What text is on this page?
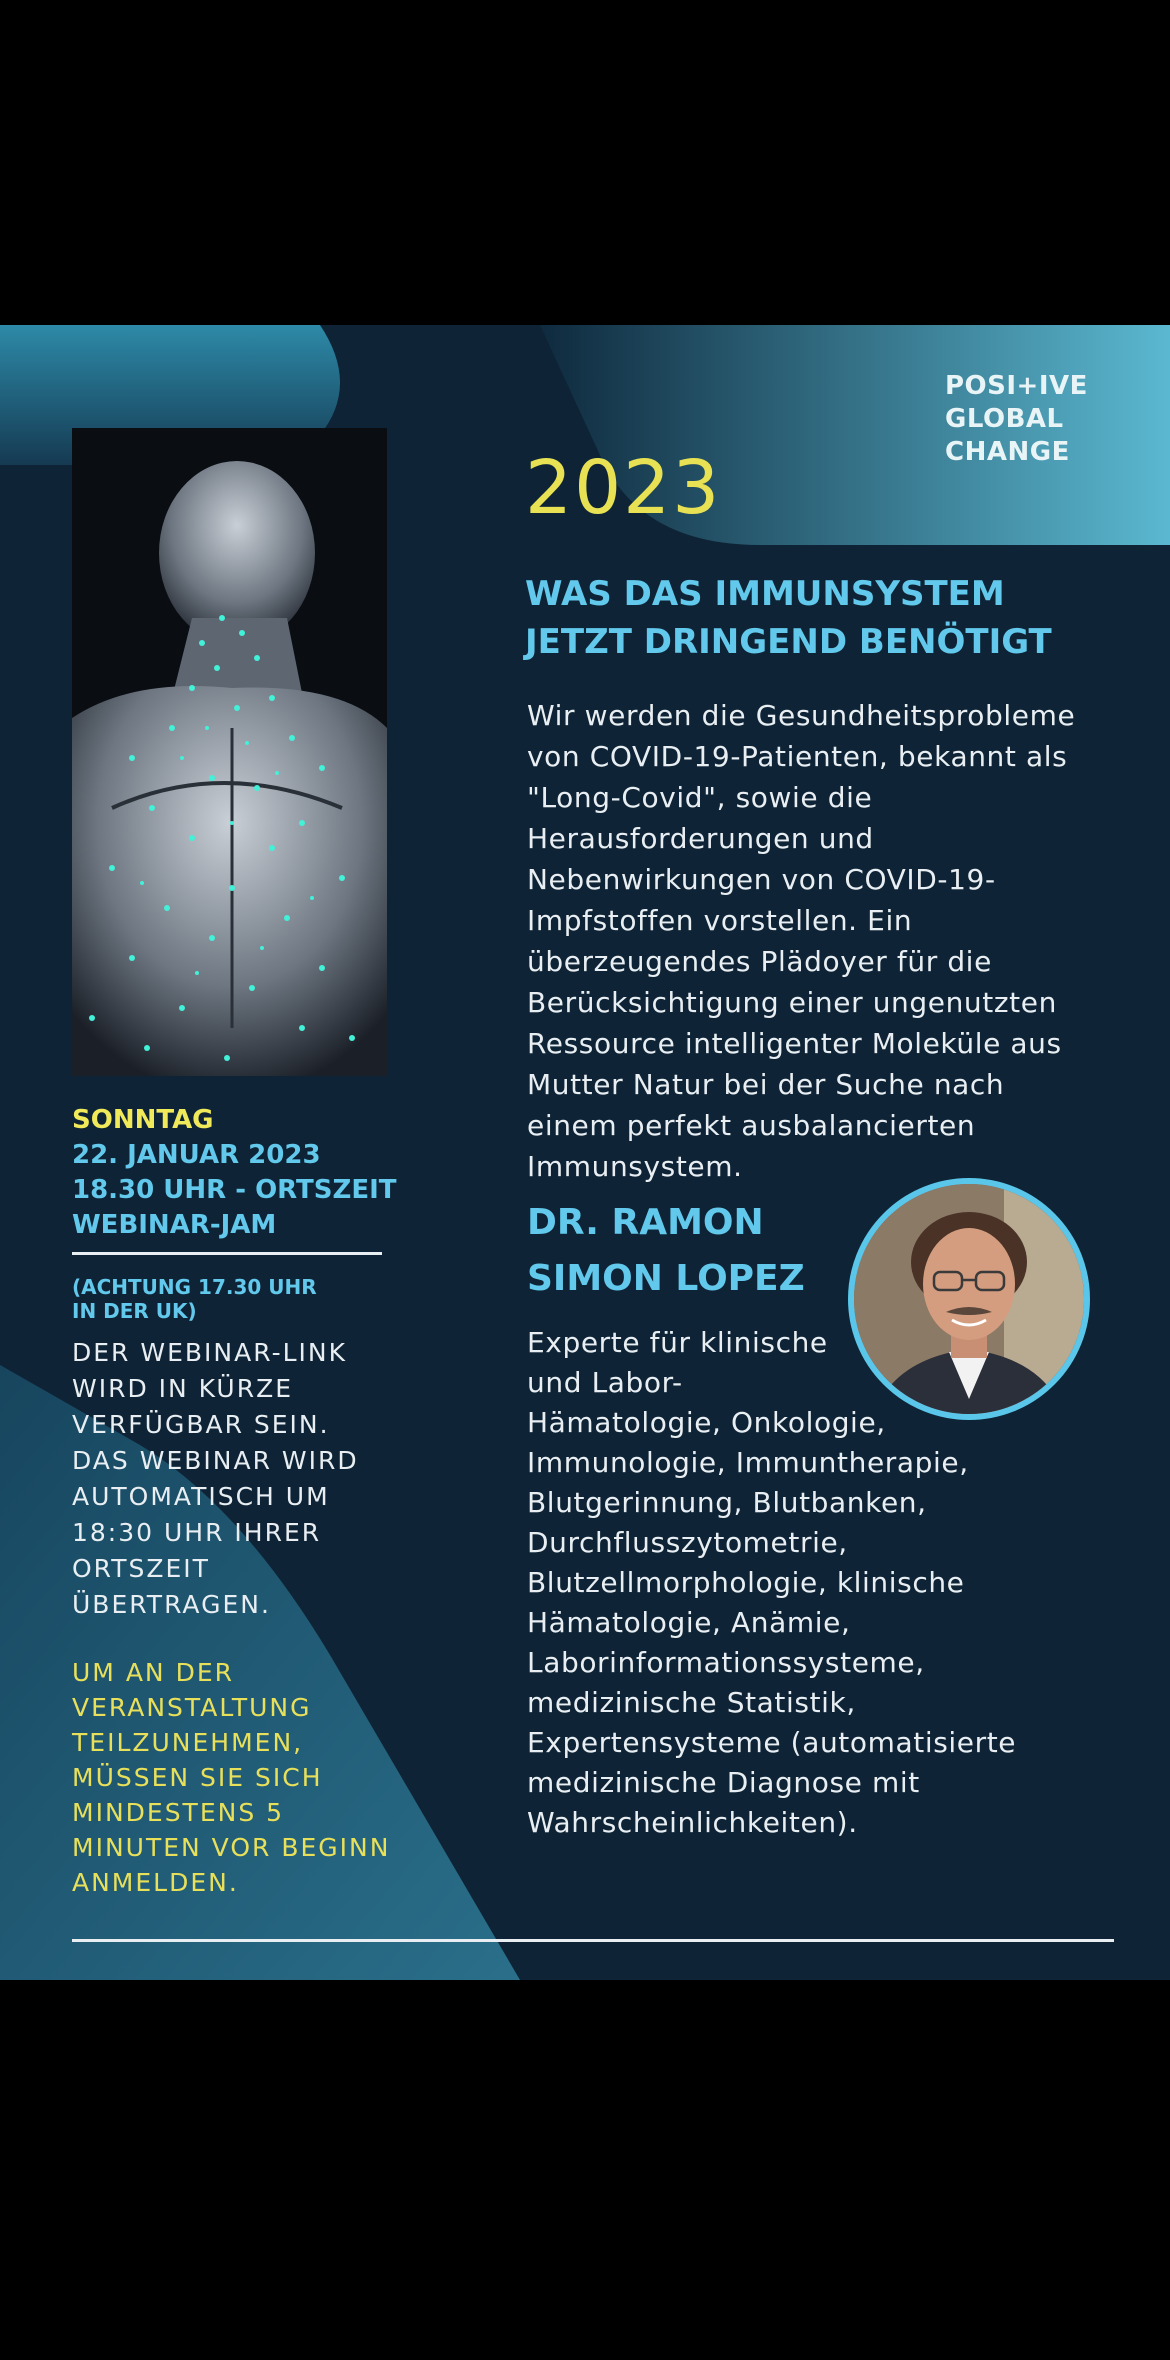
POSI+IVE
GLOBAL
CHANGE
2023
WAS DAS IMMUNSYSTEM
JETZT DRINGEND BENÖTIGT
Wir werden die Gesundheitsprobleme
von COVID-19-Patienten, bekannt als
"Long-Covid", sowie die
Herausforderungen und
Nebenwirkungen von COVID-19-
Impfstoffen vorstellen. Ein
überzeugendes Plädoyer für die
Berücksichtigung einer ungenutzten
Ressource intelligenter Moleküle aus
Mutter Natur bei der Suche nach
einem perfekt ausbalancierten
Immunsystem.
DR. RAMON
SIMON LOPEZ
Experte für klinische
und Labor-
Hämatologie, Onkologie,
Immunologie, Immuntherapie,
Blutgerinnung, Blutbanken,
Durchflusszytometrie,
Blutzellmorphologie, klinische
Hämatologie, Anämie,
Laborinformationssysteme,
medizinische Statistik,
Expertensysteme (automatisierte
medizinische Diagnose mit
Wahrscheinlichkeiten).
SONNTAG
22. JANUAR 2023
18.30 UHR - ORTSZEIT
WEBINAR-JAM
(ACHTUNG 17.30 UHR
IN DER UK)
DER WEBINAR-LINK
WIRD IN KÜRZE
VERFÜGBAR SEIN.
DAS WEBINAR WIRD
AUTOMATISCH UM
18:30 UHR IHRER
ORTSZEIT
ÜBERTRAGEN.
UM AN DER
VERANSTALTUNG
TEILZUNEHMEN,
MÜSSEN SIE SICH
MINDESTENS 5
MINUTEN VOR BEGINN
ANMELDEN.
